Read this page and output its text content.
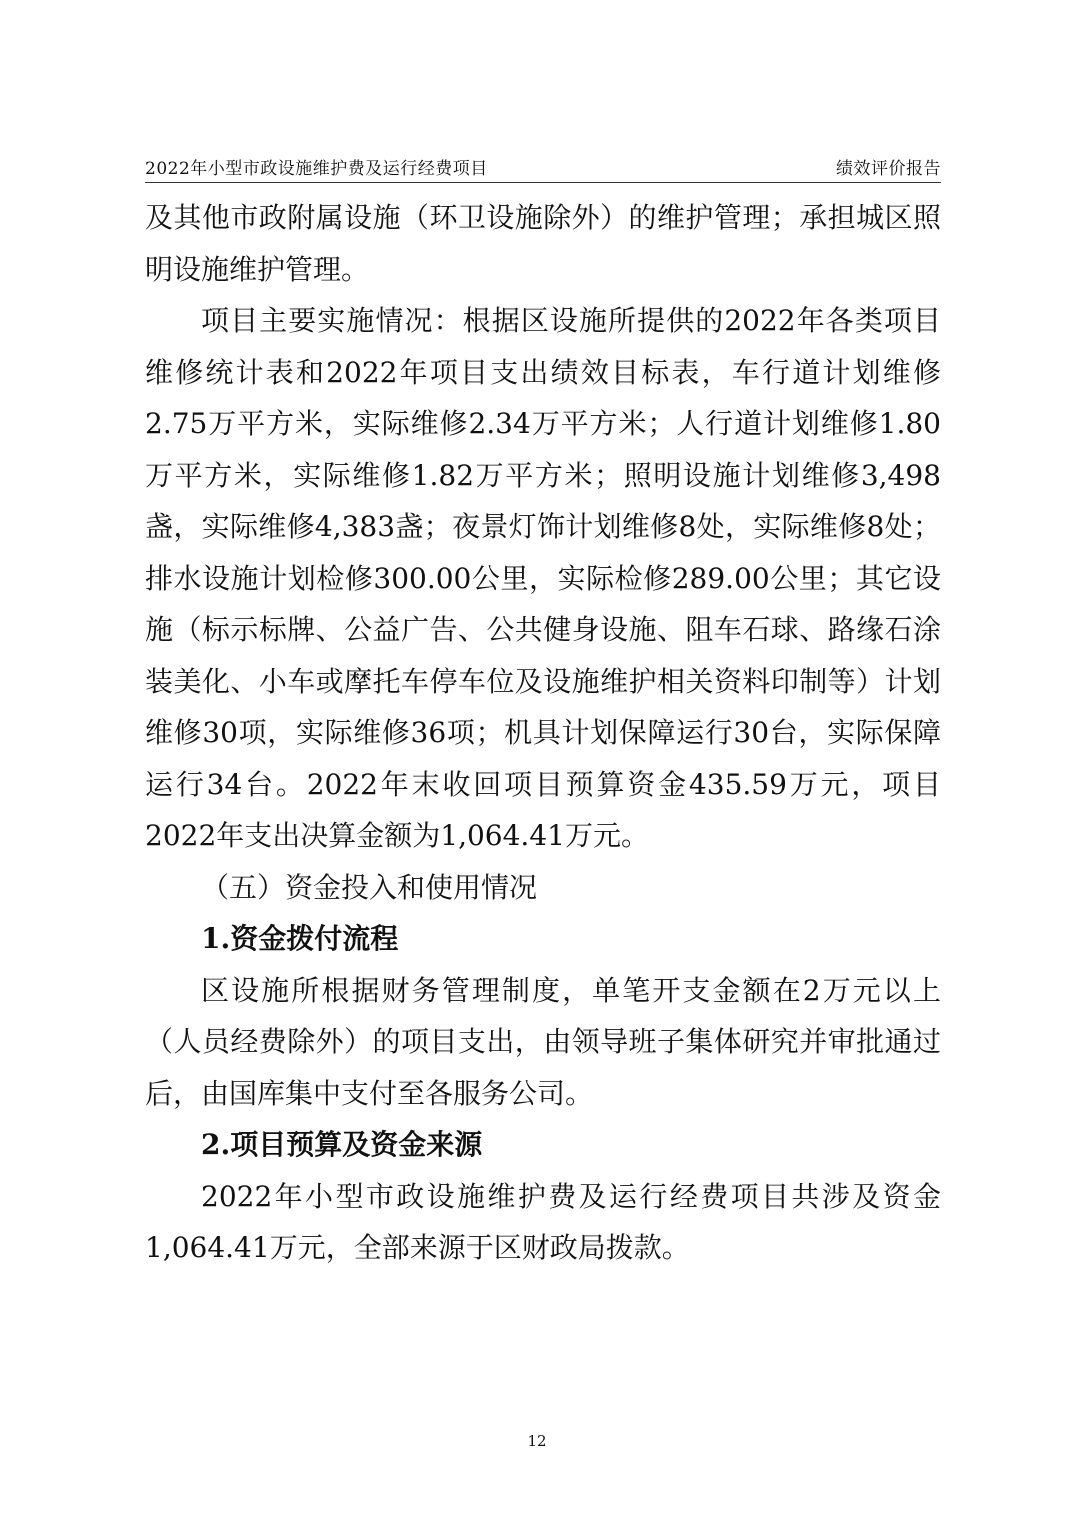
2022年小型市政设施维护费及运行经费项目	绩效评价报告

及其他市政附属设施（环卫设施除外）的维护管理；承担城区照明设施维护管理。

项目主要实施情况：根据区设施所提供的2022年各类项目维修统计表和2022年项目支出绩效目标表，车行道计划维修2.75万平方米，实际维修2.34万平方米；人行道计划维修1.80万平方米，实际维修1.82万平方米；照明设施计划维修3,498盏，实际维修4,383盏；夜景灯饰计划维修8处，实际维修8处；排水设施计划检修300.00公里，实际检修289.00公里；其它设施（标示标牌、公益广告、公共健身设施、阻车石球、路缘石涂装美化、小车或摩托车停车位及设施维护相关资料印制等）计划维修30项，实际维修36项；机具计划保障运行30台，实际保障运行34台。2022年末收回项目预算资金435.59万元，项目2022年支出决算金额为1,064.41万元。

（五）资金投入和使用情况

1.资金拨付流程

区设施所根据财务管理制度，单笔开支金额在2万元以上（人员经费除外）的项目支出，由领导班子集体研究并审批通过后，由国库集中支付至各服务公司。

2.项目预算及资金来源

2022年小型市政设施维护费及运行经费项目共涉及资金1,064.41万元，全部来源于区财政局拨款。

12
